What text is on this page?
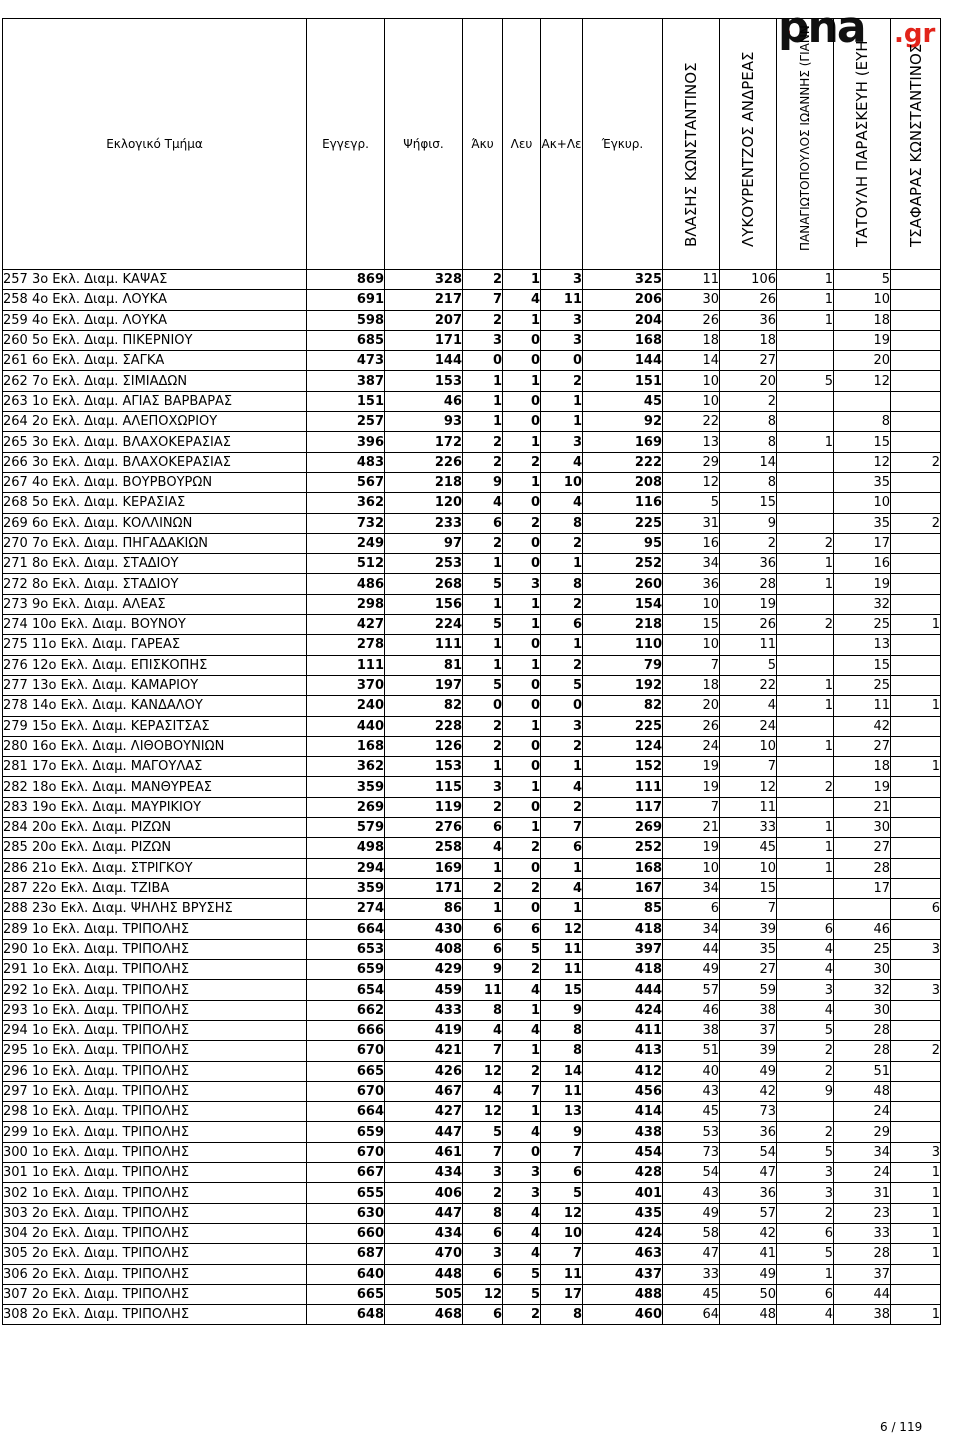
pna .gr
Εκλογικό Τμήμα	Εγγεγρ.	Ψήφισ.	Άκυ	Λευ	Ακ+Λε	Έγκυρ.	ΒΛΑΣΗΣ ΚΩΝΣΤΑΝΤΙΝΟΣ	ΛΥΚΟΥΡΕΝΤΖΟΣ ΑΝΔΡΕΑΣ	ΠΑΝΑΓΙΩΤΟΠΟΥΛΟΣ ΙΩΑΝΝΗΣ (ΓΙΑΝΝ	ΤΑΤΟΥΛΗ ΠΑΡΑΣΚΕΥΗ (ΕΥΗ	ΤΣΑΦΑΡΑΣ ΚΩΝΣΤΑΝΤΙΝΟΣ

257 3ο Εκλ. Διαμ. ΚΑΨΑΣ	869	328	2	1	3	325	11	106	1	5	
258 4ο Εκλ. Διαμ. ΛΟΥΚΑ	691	217	7	4	11	206	30	26	1	10	
259 4ο Εκλ. Διαμ. ΛΟΥΚΑ	598	207	2	1	3	204	26	36	1	18	
260 5ο Εκλ. Διαμ. ΠΙΚΕΡΝΙΟΥ	685	171	3	0	3	168	18	18		19	
261 6ο Εκλ. Διαμ. ΣΑΓΚΑ	473	144	0	0	0	144	14	27		20	
262 7ο Εκλ. Διαμ. ΣΙΜΙΑΔΩΝ	387	153	1	1	2	151	10	20	5	12	
263 1ο Εκλ. Διαμ. ΑΓΙΑΣ ΒΑΡΒΑΡΑΣ	151	46	1	0	1	45	10	2			
264 2ο Εκλ. Διαμ. ΑΛΕΠΟΧΩΡΙΟΥ	257	93	1	0	1	92	22	8		8	
265 3ο Εκλ. Διαμ. ΒΛΑΧΟΚΕΡΑΣΙΑΣ	396	172	2	1	3	169	13	8	1	15	
266 3ο Εκλ. Διαμ. ΒΛΑΧΟΚΕΡΑΣΙΑΣ	483	226	2	2	4	222	29	14		12	2
267 4ο Εκλ. Διαμ. ΒΟΥΡΒΟΥΡΩΝ	567	218	9	1	10	208	12	8		35	
268 5ο Εκλ. Διαμ. ΚΕΡΑΣΙΑΣ	362	120	4	0	4	116	5	15		10	
269 6ο Εκλ. Διαμ. ΚΟΛΛΙΝΩΝ	732	233	6	2	8	225	31	9		35	2
270 7ο Εκλ. Διαμ. ΠΗΓΑΔΑΚΙΩΝ	249	97	2	0	2	95	16	2	2	17	
271 8ο Εκλ. Διαμ. ΣΤΑΔΙΟΥ	512	253	1	0	1	252	34	36	1	16	
272 8ο Εκλ. Διαμ. ΣΤΑΔΙΟΥ	486	268	5	3	8	260	36	28	1	19	
273 9ο Εκλ. Διαμ. ΑΛΕΑΣ	298	156	1	1	2	154	10	19		32	
274 10ο Εκλ. Διαμ. ΒΟΥΝΟΥ	427	224	5	1	6	218	15	26	2	25	1
275 11ο Εκλ. Διαμ. ΓΑΡΕΑΣ	278	111	1	0	1	110	10	11		13	
276 12ο Εκλ. Διαμ. ΕΠΙΣΚΟΠΗΣ	111	81	1	1	2	79	7	5		15	
277 13ο Εκλ. Διαμ. ΚΑΜΑΡΙΟΥ	370	197	5	0	5	192	18	22	1	25	
278 14ο Εκλ. Διαμ. ΚΑΝΔΑΛΟΥ	240	82	0	0	0	82	20	4	1	11	1
279 15ο Εκλ. Διαμ. ΚΕΡΑΣΙΤΣΑΣ	440	228	2	1	3	225	26	24		42	
280 16ο Εκλ. Διαμ. ΛΙΘΟΒΟΥΝΙΩΝ	168	126	2	0	2	124	24	10	1	27	
281 17ο Εκλ. Διαμ. ΜΑΓΟΥΛΑΣ	362	153	1	0	1	152	19	7		18	1
282 18ο Εκλ. Διαμ. ΜΑΝΘΥΡΕΑΣ	359	115	3	1	4	111	19	12	2	19	
283 19ο Εκλ. Διαμ. ΜΑΥΡΙΚΙΟΥ	269	119	2	0	2	117	7	11		21	
284 20ο Εκλ. Διαμ. ΡΙΖΩΝ	579	276	6	1	7	269	21	33	1	30	
285 20ο Εκλ. Διαμ. ΡΙΖΩΝ	498	258	4	2	6	252	19	45	1	27	
286 21ο Εκλ. Διαμ. ΣΤΡΙΓΚΟΥ	294	169	1	0	1	168	10	10	1	28	
287 22ο Εκλ. Διαμ. ΤΖΙΒΑ	359	171	2	2	4	167	34	15		17	
288 23ο Εκλ. Διαμ. ΨΗΛΗΣ ΒΡΥΣΗΣ	274	86	1	0	1	85	6	7			6
289 1ο Εκλ. Διαμ. ΤΡΙΠΟΛΗΣ	664	430	6	6	12	418	34	39	6	46	
290 1ο Εκλ. Διαμ. ΤΡΙΠΟΛΗΣ	653	408	6	5	11	397	44	35	4	25	3
291 1ο Εκλ. Διαμ. ΤΡΙΠΟΛΗΣ	659	429	9	2	11	418	49	27	4	30	
292 1ο Εκλ. Διαμ. ΤΡΙΠΟΛΗΣ	654	459	11	4	15	444	57	59	3	32	3
293 1ο Εκλ. Διαμ. ΤΡΙΠΟΛΗΣ	662	433	8	1	9	424	46	38	4	30	
294 1ο Εκλ. Διαμ. ΤΡΙΠΟΛΗΣ	666	419	4	4	8	411	38	37	5	28	
295 1ο Εκλ. Διαμ. ΤΡΙΠΟΛΗΣ	670	421	7	1	8	413	51	39	2	28	2
296 1ο Εκλ. Διαμ. ΤΡΙΠΟΛΗΣ	665	426	12	2	14	412	40	49	2	51	
297 1ο Εκλ. Διαμ. ΤΡΙΠΟΛΗΣ	670	467	4	7	11	456	43	42	9	48	
298 1ο Εκλ. Διαμ. ΤΡΙΠΟΛΗΣ	664	427	12	1	13	414	45	73		24	
299 1ο Εκλ. Διαμ. ΤΡΙΠΟΛΗΣ	659	447	5	4	9	438	53	36	2	29	
300 1ο Εκλ. Διαμ. ΤΡΙΠΟΛΗΣ	670	461	7	0	7	454	73	54	5	34	3
301 1ο Εκλ. Διαμ. ΤΡΙΠΟΛΗΣ	667	434	3	3	6	428	54	47	3	24	1
302 1ο Εκλ. Διαμ. ΤΡΙΠΟΛΗΣ	655	406	2	3	5	401	43	36	3	31	1
303 2ο Εκλ. Διαμ. ΤΡΙΠΟΛΗΣ	630	447	8	4	12	435	49	57	2	23	1
304 2ο Εκλ. Διαμ. ΤΡΙΠΟΛΗΣ	660	434	6	4	10	424	58	42	6	33	1
305 2ο Εκλ. Διαμ. ΤΡΙΠΟΛΗΣ	687	470	3	4	7	463	47	41	5	28	1
306 2ο Εκλ. Διαμ. ΤΡΙΠΟΛΗΣ	640	448	6	5	11	437	33	49	1	37	
307 2ο Εκλ. Διαμ. ΤΡΙΠΟΛΗΣ	665	505	12	5	17	488	45	50	6	44	
308 2ο Εκλ. Διαμ. ΤΡΙΠΟΛΗΣ	648	468	6	2	8	460	64	48	4	38	1
6 / 119
